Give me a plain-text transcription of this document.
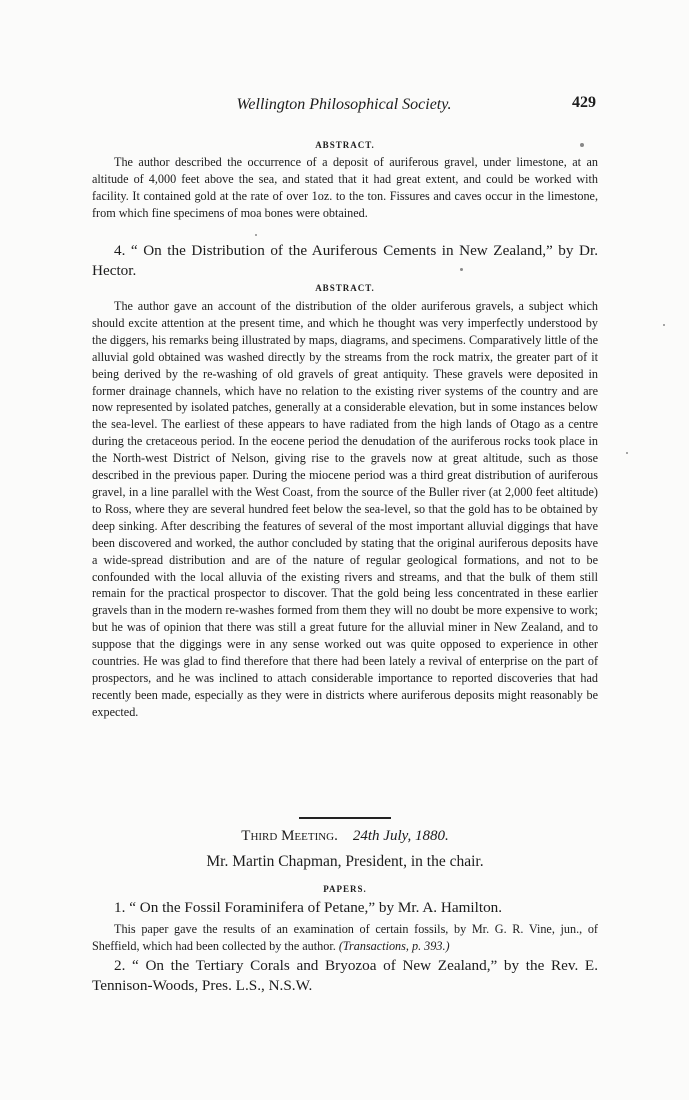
Wellington Philosophical Society.	429
ABSTRACT.
The author described the occurrence of a deposit of auriferous gravel, under limestone, at an altitude of 4,000 feet above the sea, and stated that it had great extent, and could be worked with facility. It contained gold at the rate of over 1oz. to the ton. Fissures and caves occur in the limestone, from which fine specimens of moa bones were obtained.
4. “ On the Distribution of the Auriferous Cements in New Zealand,” by Dr. Hector.
ABSTRACT.
The author gave an account of the distribution of the older auriferous gravels, a subject which should excite attention at the present time, and which he thought was very imperfectly understood by the diggers, his remarks being illustrated by maps, diagrams, and specimens. Comparatively little of the alluvial gold obtained was washed directly by the streams from the rock matrix, the greater part of it being derived by the re-washing of old gravels of great antiquity. These gravels were deposited in former drainage channels, which have no relation to the existing river systems of the country and are now represented by isolated patches, generally at a considerable elevation, but in some instances below the sea-level. The earliest of these appears to have radiated from the high lands of Otago as a centre during the cretaceous period. In the eocene period the denudation of the auriferous rocks took place in the North-west District of Nelson, giving rise to the gravels now at great altitude, such as those described in the previous paper. During the miocene period was a third great distribution of auriferous gravel, in a line parallel with the West Coast, from the source of the Buller river (at 2,000 feet altitude) to Ross, where they are several hundred feet below the sea-level, so that the gold has to be obtained by deep sinking. After describing the features of several of the most important alluvial diggings that have been discovered and worked, the author concluded by stating that the original auriferous deposits have a wide-spread distribution and are of the nature of regular geological formations, and not to be confounded with the local alluvia of the existing rivers and streams, and that the bulk of them still remain for the practical prospector to discover. That the gold being less concentrated in these earlier gravels than in the modern re-washes formed from them they will no doubt be more expensive to work; but he was of opinion that there was still a great future for the alluvial miner in New Zealand, and to suppose that the diggings were in any sense worked out was quite opposed to experience in other countries. He was glad to find therefore that there had been lately a revival of enterprise on the part of prospectors, and he was inclined to attach considerable importance to reported discoveries that had recently been made, especially as they were in districts where auriferous deposits might reasonably be expected.
Third Meeting. 24th July, 1880.
Mr. Martin Chapman, President, in the chair.
PAPERS.
1. “ On the Fossil Foraminifera of Petane,” by Mr. A. Hamilton.
This paper gave the results of an examination of certain fossils, by Mr. G. R. Vine, jun., of Sheffield, which had been collected by the author. (Transactions, p. 393.)
2. “ On the Tertiary Corals and Bryozoa of New Zealand,” by the Rev. E. Tennison-Woods, Pres. L.S., N.S.W.
